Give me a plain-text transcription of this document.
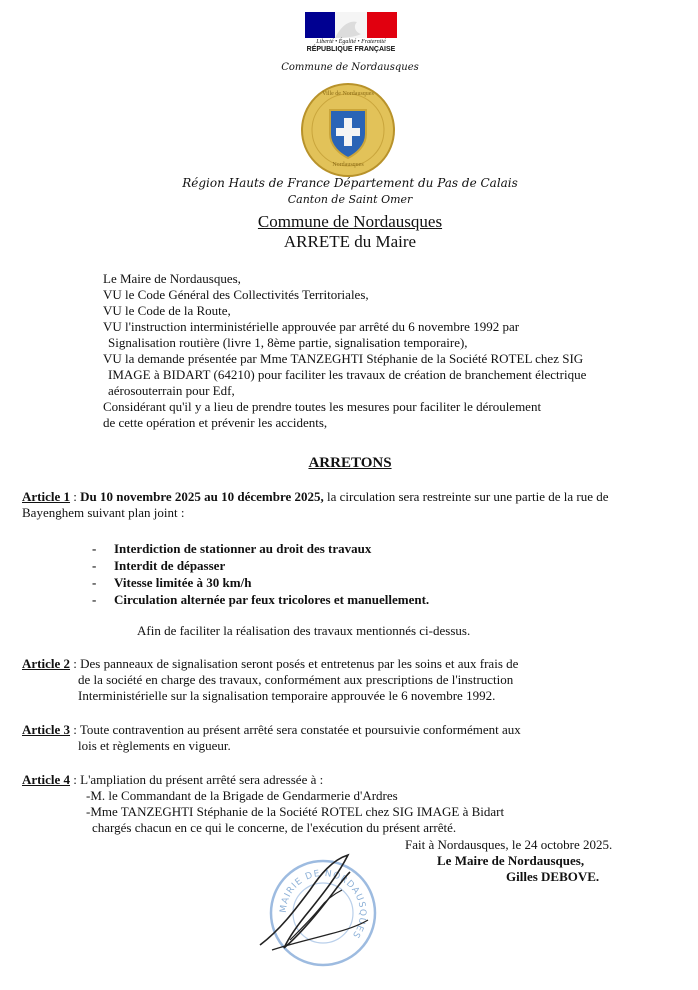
Liberté • Égalité • Fraternité
RÉPUBLIQUE FRANÇAISE
Commune de Nordausques
Ville de Nordausques
Nordausques
Région Hauts de France Département du Pas de Calais
Canton de Saint Omer
Commune de Nordausques
ARRETE du Maire
Le Maire de Nordausques,
VU le Code Général des Collectivités Territoriales,
VU le Code de la Route,
VU l'instruction interministérielle approuvée par arrêté du 6 novembre 1992 par
Signalisation routière (livre 1, 8ème partie, signalisation temporaire),
VU la demande présentée par Mme TANZEGHTI Stéphanie de la Société ROTEL chez SIG
IMAGE à BIDART (64210) pour faciliter les travaux de création de branchement électrique
aérosouterrain pour Edf,
Considérant qu'il y a lieu de prendre toutes les mesures pour faciliter le déroulement
de cette opération et prévenir les accidents,
ARRETONS
Article 1 : Du 10 novembre 2025 au 10 décembre 2025, la circulation sera restreinte sur une partie de la rue de
Bayenghem suivant plan joint :
-	Interdiction de stationner au droit des travaux
-	Interdit de dépasser
-	Vitesse limitée à 30 km/h
-	Circulation alternée par feux tricolores et manuellement.
Afin de faciliter la réalisation des travaux mentionnés ci-dessus.
Article 2 : Des panneaux de signalisation seront posés et entretenus par les soins et aux frais de
de la société en charge des travaux, conformément aux prescriptions de l'instruction
Interministérielle sur la signalisation temporaire approuvée le 6 novembre 1992.
Article 3 : Toute contravention au présent arrêté sera constatée et poursuivie conformément aux
lois et règlements en vigueur.
Article 4 : L'ampliation du présent arrêté sera adressée à :
-M. le Commandant de la Brigade de Gendarmerie d'Ardres
-Mme TANZEGHTI Stéphanie de la Société ROTEL chez SIG IMAGE à Bidart
chargés chacun en ce qui le concerne, de l'exécution du présent arrêté.
Fait à Nordausques, le 24 octobre 2025.
Le Maire de Nordausques,
Gilles DEBOVE.
MAIRIE DE NORDAUSQUES
